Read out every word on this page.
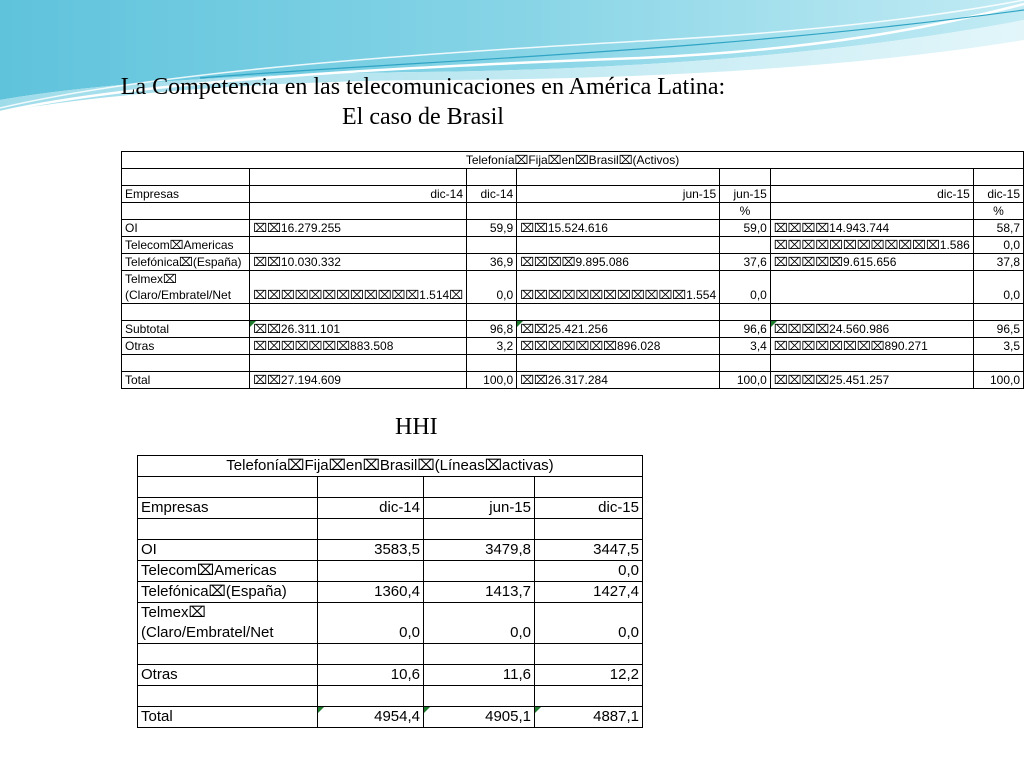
La Competencia en las telecomunicaciones en América Latina:
El caso de Brasil
Telefonía⌧Fija⌧en⌧Brasil⌧(Activos)						

Empresas	dic-14	dic-14	jun-15	jun-15	dic-15	dic-15
				%		%
OI	⌧⌧16.279.255	59,9	⌧⌧15.524.616	59,0	⌧⌧⌧⌧14.943.744	58,7
Telecom⌧Americas					⌧⌧⌧⌧⌧⌧⌧⌧⌧⌧⌧⌧1.586	0,0
Telefónica⌧(España)	⌧⌧10.030.332	36,9	⌧⌧⌧⌧9.895.086	37,6	⌧⌧⌧⌧⌧9.615.656	37,8
Telmex⌧ (Claro/Embratel/Net	⌧⌧⌧⌧⌧⌧⌧⌧⌧⌧⌧⌧1.514⌧	0,0	⌧⌧⌧⌧⌧⌧⌧⌧⌧⌧⌧⌧1.554	0,0		0,0

Subtotal	⌧⌧26.311.101	96,8	⌧⌧25.421.256	96,6	⌧⌧⌧⌧24.560.986	96,5
Otras	⌧⌧⌧⌧⌧⌧⌧883.508	3,2	⌧⌧⌧⌧⌧⌧⌧896.028	3,4	⌧⌧⌧⌧⌧⌧⌧⌧890.271	3,5

Total	⌧⌧27.194.609	100,0	⌧⌧26.317.284	100,0	⌧⌧⌧⌧25.451.257	100,0
HHI
Telefonía⌧Fija⌧en⌧Brasil⌧(Líneas⌧activas)			

Empresas	dic-14	jun-15	dic-15

OI	3583,5	3479,8	3447,5
Telecom⌧Americas			0,0
Telefónica⌧(España)	1360,4	1413,7	1427,4
Telmex⌧ (Claro/Embratel/Net	0,0	0,0	0,0

Otras	10,6	11,6	12,2

Total	4954,4	4905,1	4887,1
